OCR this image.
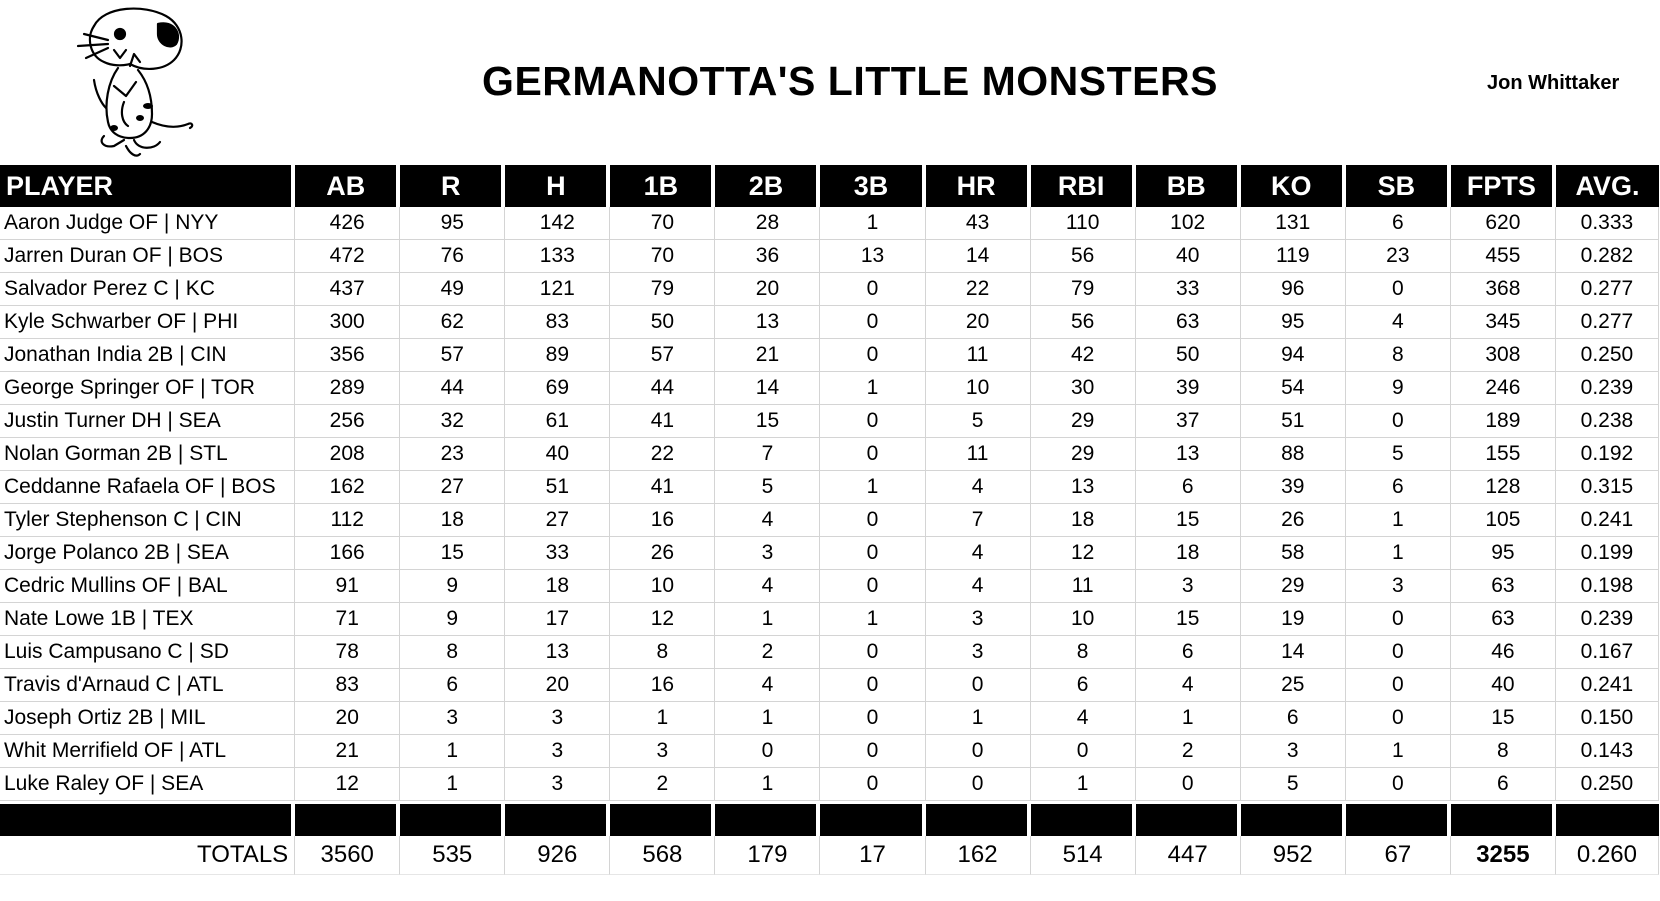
GERMANOTTA'S LITTLE MONSTERS	Jon Whittaker
PLAYER	AB	R	H	1B	2B	3B	HR	RBI	BB	KO	SB	FPTS	AVG.
Aaron Judge OF | NYY	426	95	142	70	28	1	43	110	102	131	6	620	0.333
Jarren Duran OF | BOS	472	76	133	70	36	13	14	56	40	119	23	455	0.282
Salvador Perez C | KC	437	49	121	79	20	0	22	79	33	96	0	368	0.277
Kyle Schwarber OF | PHI	300	62	83	50	13	0	20	56	63	95	4	345	0.277
Jonathan India 2B | CIN	356	57	89	57	21	0	11	42	50	94	8	308	0.250
George Springer OF | TOR	289	44	69	44	14	1	10	30	39	54	9	246	0.239
Justin Turner DH | SEA	256	32	61	41	15	0	5	29	37	51	0	189	0.238
Nolan Gorman 2B | STL	208	23	40	22	7	0	11	29	13	88	5	155	0.192
Ceddanne Rafaela OF | BOS	162	27	51	41	5	1	4	13	6	39	6	128	0.315
Tyler Stephenson C | CIN	112	18	27	16	4	0	7	18	15	26	1	105	0.241
Jorge Polanco 2B | SEA	166	15	33	26	3	0	4	12	18	58	1	95	0.199
Cedric Mullins OF | BAL	91	9	18	10	4	0	4	11	3	29	3	63	0.198
Nate Lowe 1B | TEX	71	9	17	12	1	1	3	10	15	19	0	63	0.239
Luis Campusano C | SD	78	8	13	8	2	0	3	8	6	14	0	46	0.167
Travis d'Arnaud C | ATL	83	6	20	16	4	0	0	6	4	25	0	40	0.241
Joseph Ortiz 2B | MIL	20	3	3	1	1	0	1	4	1	6	0	15	0.150
Whit Merrifield OF | ATL	21	1	3	3	0	0	0	0	2	3	1	8	0.143
Luke Raley OF | SEA	12	1	3	2	1	0	0	1	0	5	0	6	0.250

TOTALS	3560	535	926	568	179	17	162	514	447	952	67	3255	0.260
